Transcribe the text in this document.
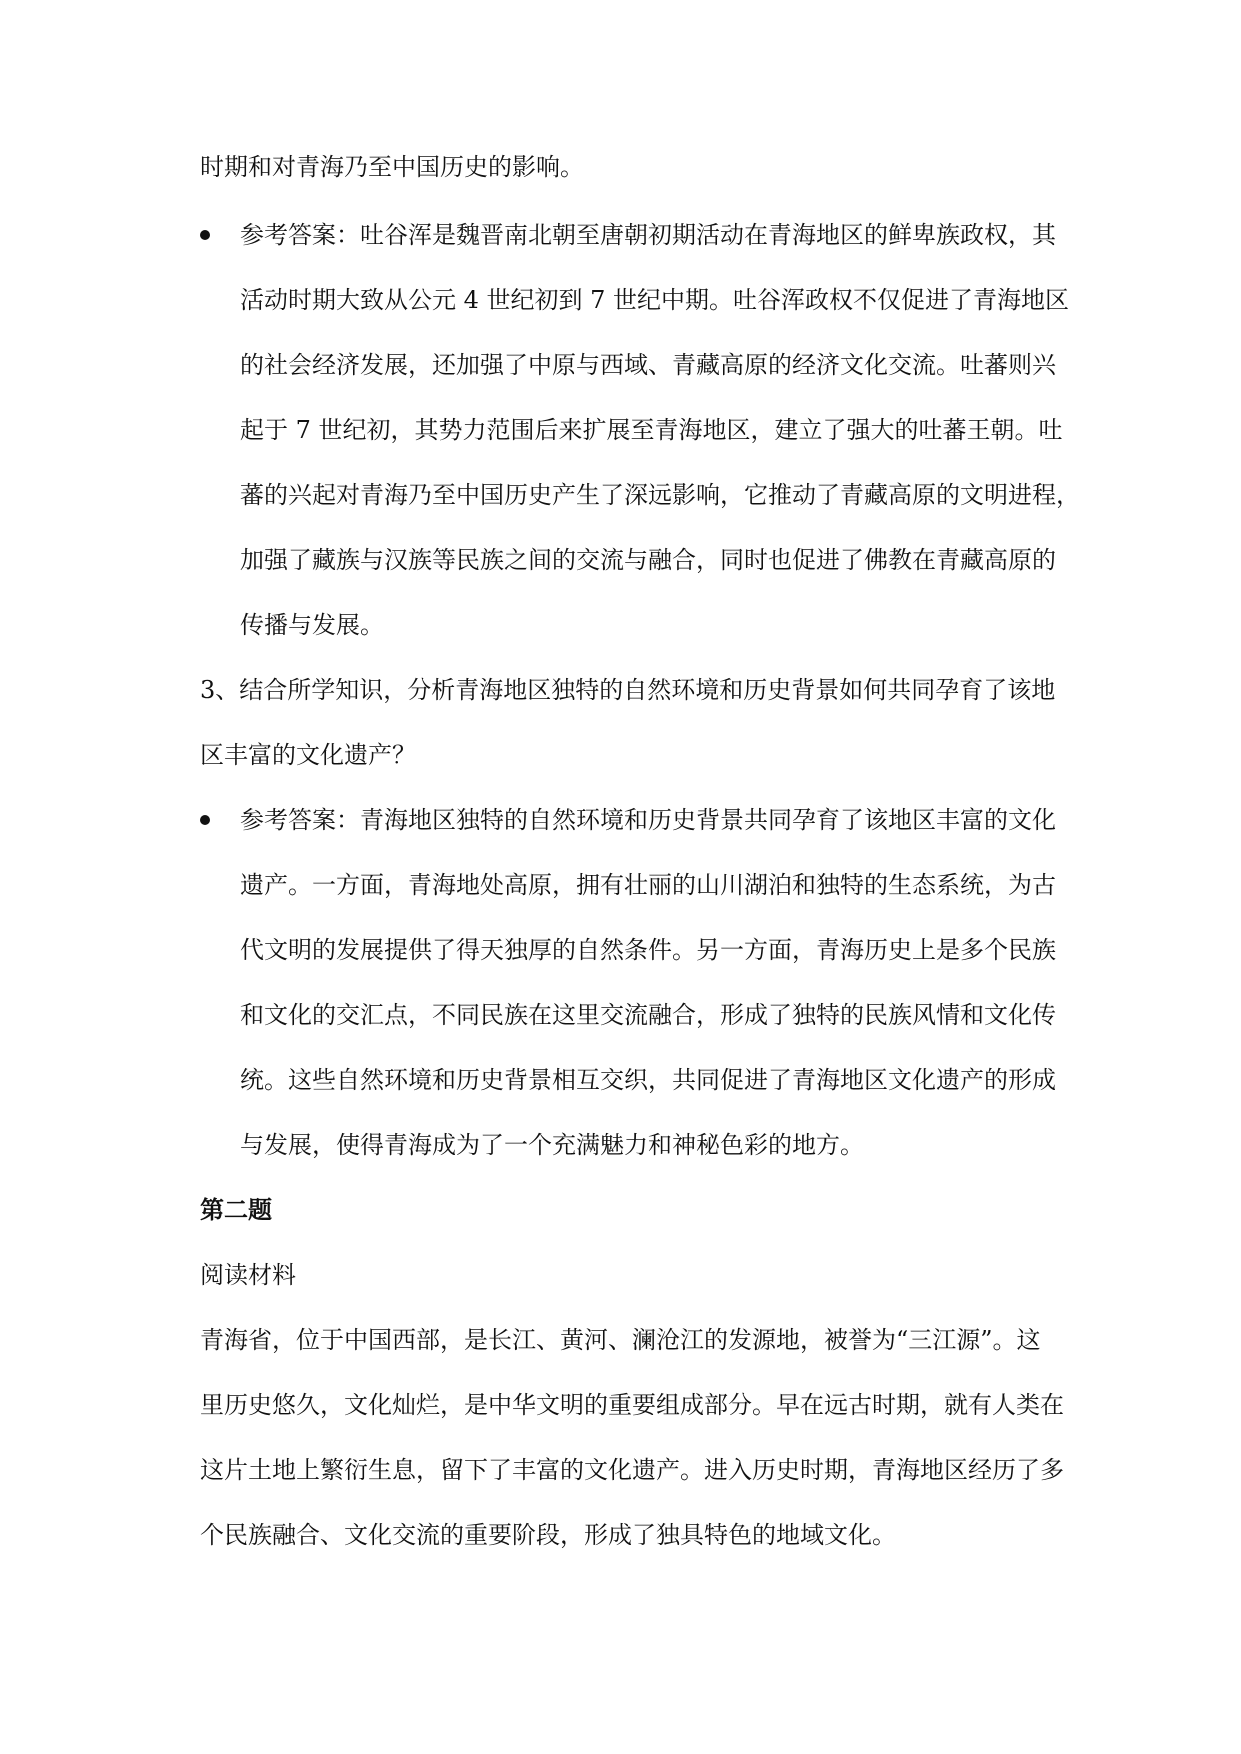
时期和对青海乃至中国历史的影响。
参考答案：吐谷浑是魏晋南北朝至唐朝初期活动在青海地区的鲜卑族政权，其
活动时期大致从公元 4 世纪初到 7 世纪中期。吐谷浑政权不仅促进了青海地区
的社会经济发展，还加强了中原与西域、青藏高原的经济文化交流。吐蕃则兴
起于 7 世纪初，其势力范围后来扩展至青海地区，建立了强大的吐蕃王朝。吐
蕃的兴起对青海乃至中国历史产生了深远影响，它推动了青藏高原的文明进程，
加强了藏族与汉族等民族之间的交流与融合，同时也促进了佛教在青藏高原的
传播与发展。
3、结合所学知识，分析青海地区独特的自然环境和历史背景如何共同孕育了该地
区丰富的文化遗产？
参考答案：青海地区独特的自然环境和历史背景共同孕育了该地区丰富的文化
遗产。一方面，青海地处高原，拥有壮丽的山川湖泊和独特的生态系统，为古
代文明的发展提供了得天独厚的自然条件。另一方面，青海历史上是多个民族
和文化的交汇点，不同民族在这里交流融合，形成了独特的民族风情和文化传
统。这些自然环境和历史背景相互交织，共同促进了青海地区文化遗产的形成
与发展，使得青海成为了一个充满魅力和神秘色彩的地方。
第二题
阅读材料
青海省，位于中国西部，是长江、黄河、澜沧江的发源地，被誉为“三江源”。这
里历史悠久，文化灿烂，是中华文明的重要组成部分。早在远古时期，就有人类在
这片土地上繁衍生息，留下了丰富的文化遗产。进入历史时期，青海地区经历了多
个民族融合、文化交流的重要阶段，形成了独具特色的地域文化。
